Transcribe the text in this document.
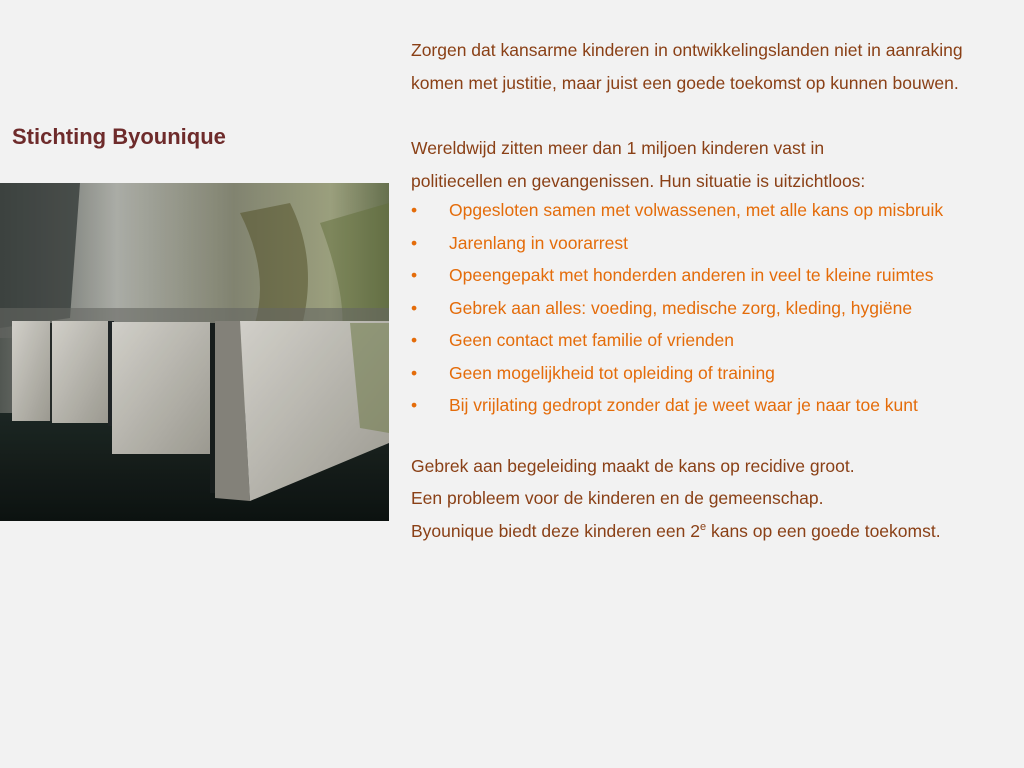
Stichting Byounique

Zorgen dat kansarme kinderen in ontwikkelingslanden niet in aanraking komen met justitie, maar juist een goede toekomst op kunnen bouwen.

Wereldwijd zitten meer dan 1 miljoen kinderen vast in

politiecellen en gevangenissen. Hun situatie is uitzichtloos:

• Opgesloten samen met volwassenen, met alle kans op misbruik
• Jarenlang in voorarrest
• Opeengepakt met honderden anderen in veel te kleine ruimtes
• Gebrek aan alles: voeding, medische zorg, kleding, hygiëne
• Geen contact met familie of vrienden
• Geen mogelijkheid tot opleiding of training
• Bij vrijlating gedropt zonder dat je weet waar je naar toe kunt

Gebrek aan begeleiding maakt de kans op recidive groot.

Een probleem voor de kinderen en de gemeenschap.

Byounique biedt deze kinderen een 2e kans op een goede toekomst.
